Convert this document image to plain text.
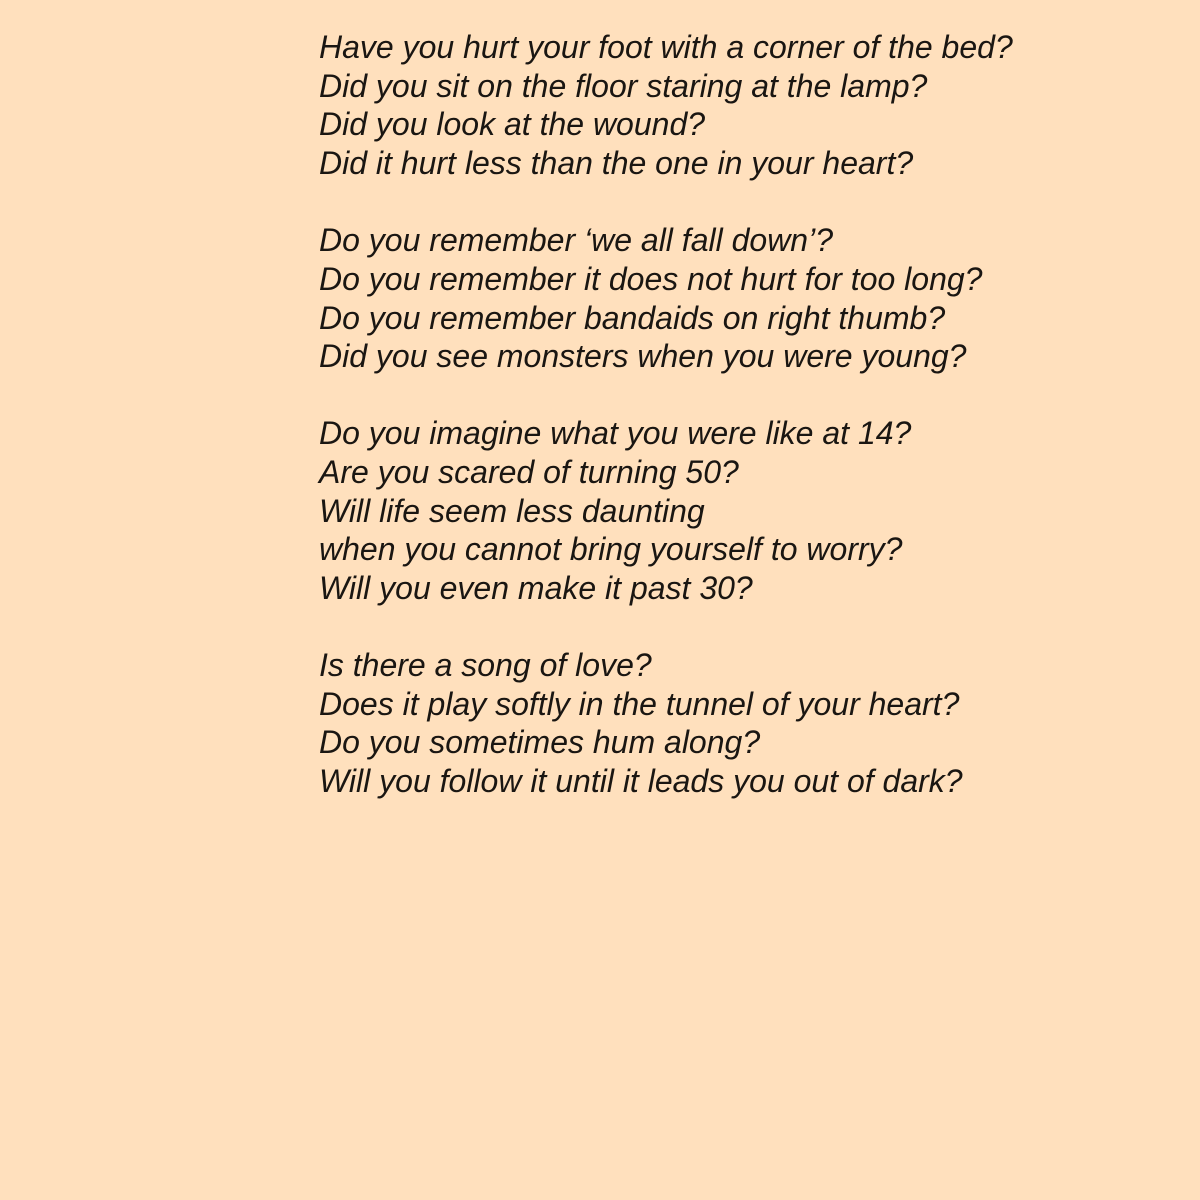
Have you hurt your foot with a corner of the bed?
Did you sit on the floor staring at the lamp?
Did you look at the wound?
Did it hurt less than the one in your heart?
Do you remember ‘we all fall down’?
Do you remember it does not hurt for too long?
Do you remember bandaids on right thumb?
Did you see monsters when you were young?
Do you imagine what you were like at 14?
Are you scared of turning 50?
Will life seem less daunting
when you cannot bring yourself to worry?
Will you even make it past 30?
Is there a song of love?
Does it play softly in the tunnel of your heart?
Do you sometimes hum along?
Will you follow it until it leads you out of dark?
